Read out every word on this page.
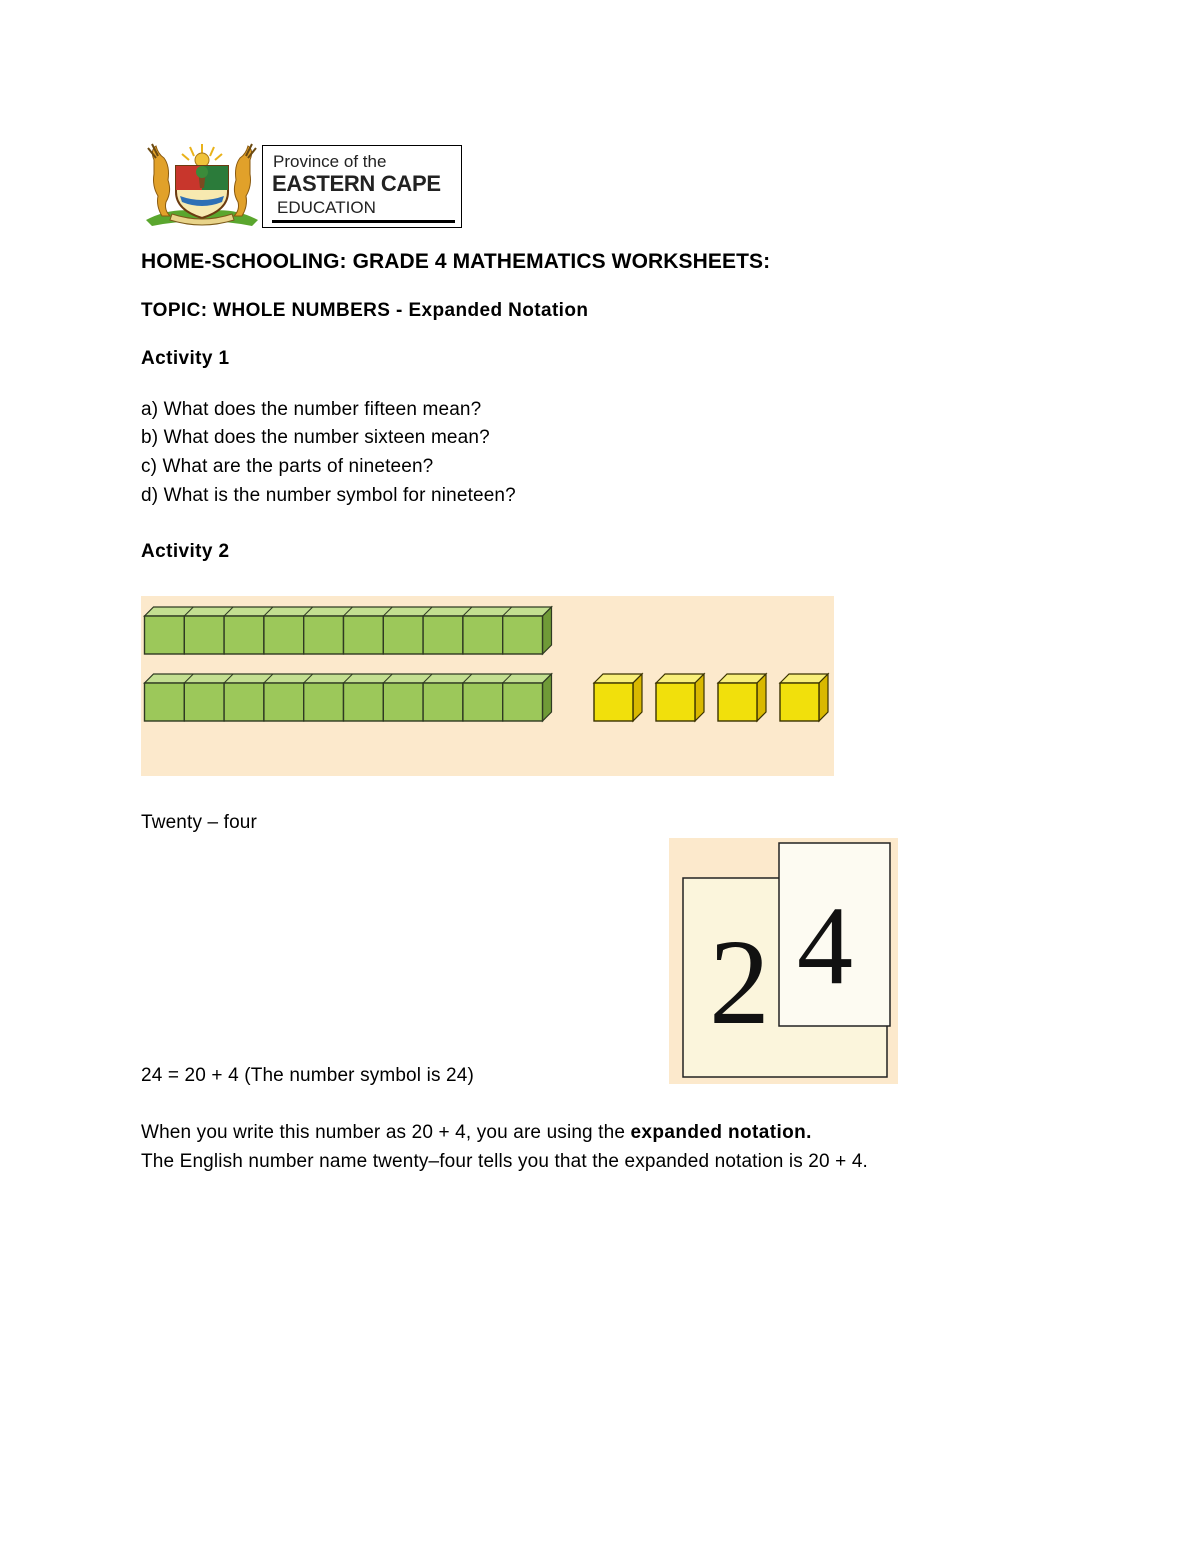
Province of the
EASTERN CAPE
EDUCATION
HOME-SCHOOLING: GRADE 4 MATHEMATICS WORKSHEETS:
TOPIC: WHOLE NUMBERS - Expanded Notation
Activity 1
a) What does the number fifteen mean?
b) What does the number sixteen mean?
c) What are the parts of nineteen?
d) What is the number symbol for nineteen?
Activity 2
Twenty – four
2 4
24 = 20 + 4 (The number symbol is 24)
When you write this number as 20 + 4, you are using the expanded notation.
The English number name twenty–four tells you that the expanded notation is 20 + 4.
